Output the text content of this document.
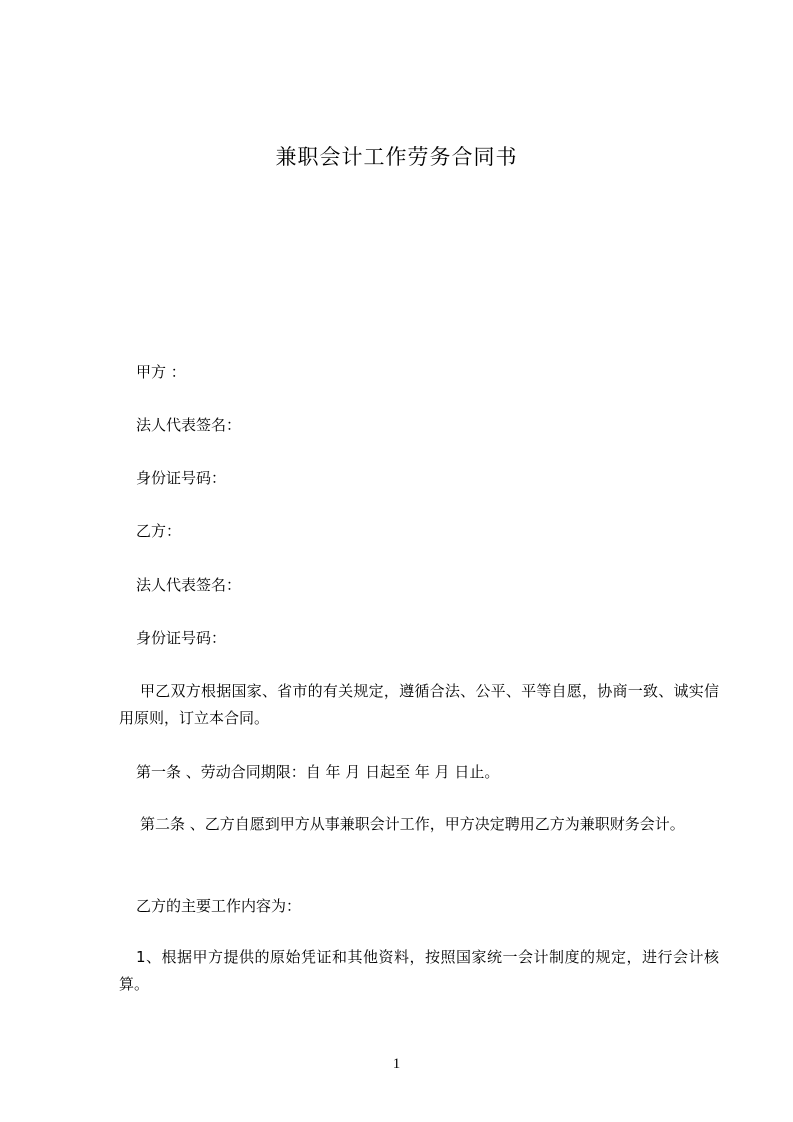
兼职会计工作劳务合同书
甲方 ：
法人代表签名：
身份证号码：
乙方：
法人代表签名：
身份证号码：
甲乙双方根据国家、省市的有关规定，遵循合法、公平、平等自愿，协商一致、诚实信用原则，订立本合同。
第一条 、劳动合同期限：自 年 月 日起至 年 月 日止。
第二条 、乙方自愿到甲方从事兼职会计工作，甲方决定聘用乙方为兼职财务会计。
乙方的主要工作内容为：
1、根据甲方提供的原始凭证和其他资料，按照国家统一会计制度的规定，进行会计核算。
1
